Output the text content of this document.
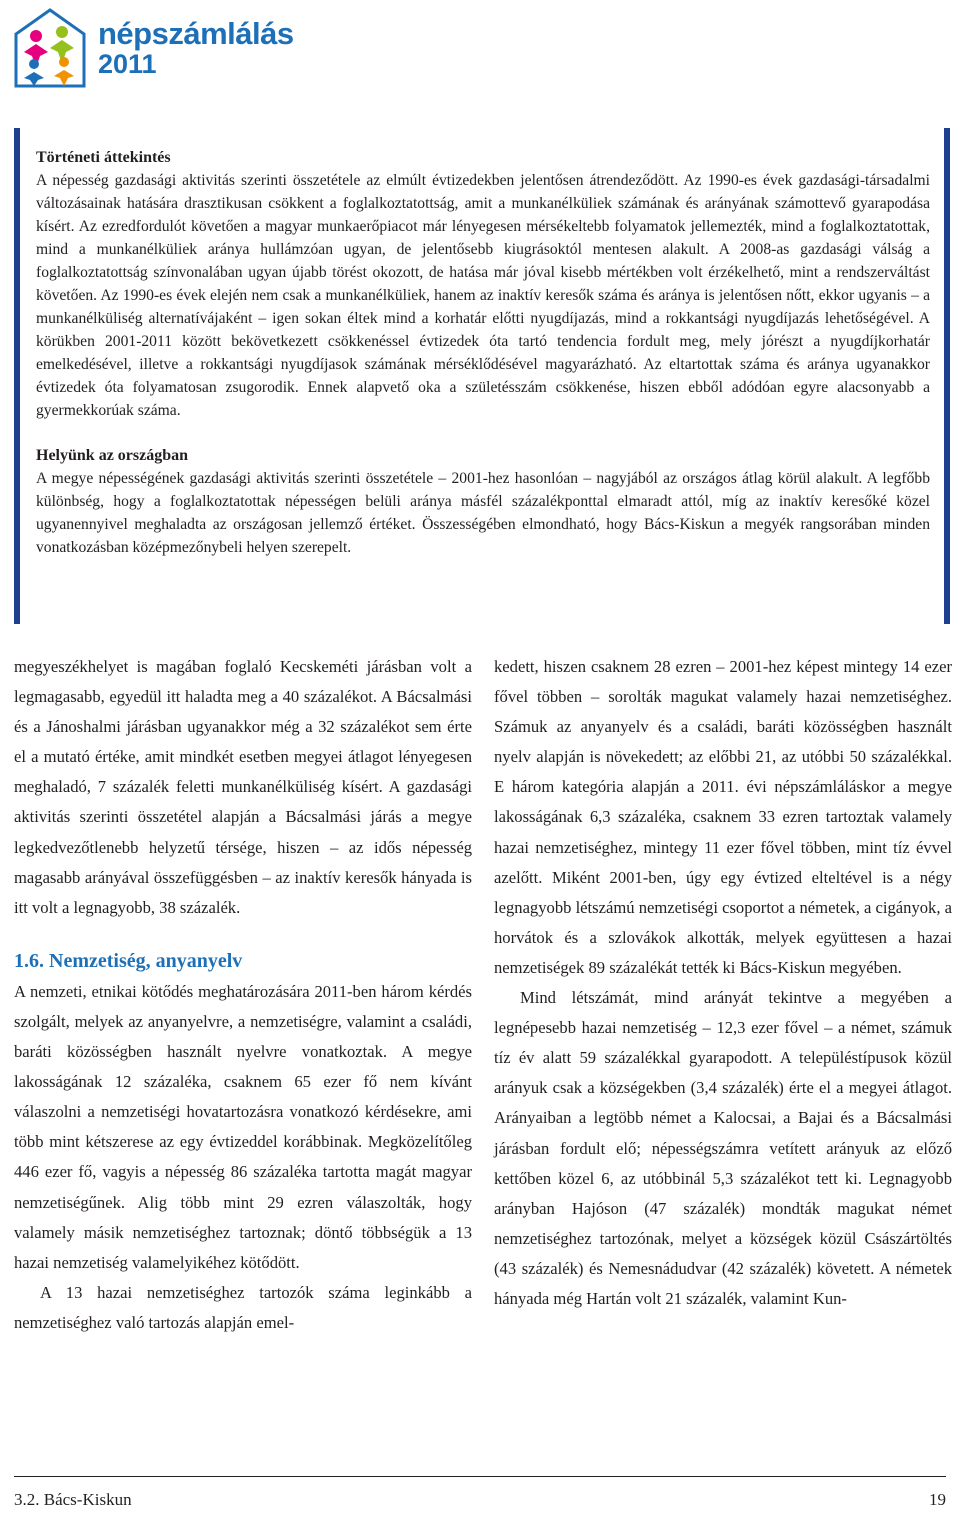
népszámlálás
2011
Történeti áttekintés

A népesség gazdasági aktivitás szerinti összetétele az elmúlt évtizedekben jelentősen átrendeződött. Az 1990-es évek gazdasági-társadalmi változásainak hatására drasztikusan csökkent a foglalkoztatottság, amit a munkanélküliek számának és arányának számottevő gyarapodása kísért. Az ezredfordulót követően a magyar munkaerőpiacot már lényegesen mérsékeltebb folyamatok jellemezték, mind a foglalkoztatottak, mind a munkanélküliek aránya hullámzóan ugyan, de jelentősebb kiugrásoktól mentesen alakult. A 2008-as gazdasági válság a foglalkoztatottság színvonalában ugyan újabb törést okozott, de hatása már jóval kisebb mértékben volt érzékelhető, mint a rendszerváltást követően. Az 1990-es évek elején nem csak a munkanélküliek, hanem az inaktív keresők száma és aránya is jelentősen nőtt, ekkor ugyanis – a munkanélküliség alternatívájaként – igen sokan éltek mind a korhatár előtti nyugdíjazás, mind a rokkantsági nyugdíjazás lehetőségével. A körükben 2001-2011 között bekövetkezett csökkenéssel évtizedek óta tartó tendencia fordult meg, mely jórészt a nyugdíjkorhatár emelkedésével, illetve a rokkantsági nyugdíjasok számának mérséklődésével magyarázható. Az eltartottak száma és aránya ugyanakkor évtizedek óta folyamatosan zsugorodik. Ennek alapvető oka a születésszám csökkenése, hiszen ebből adódóan egyre alacsonyabb a gyermekkorúak száma.

Helyünk az országban

A megye népességének gazdasági aktivitás szerinti összetétele – 2001-hez hasonlóan – nagyjából az országos átlag körül alakult. A legfőbb különbség, hogy a foglalkoztatottak népességen belüli aránya másfél százalékponttal elmaradt attól, míg az inaktív keresőké közel ugyanennyivel meghaladta az országosan jellemző értéket. Összességében elmondható, hogy Bács-Kiskun a megyék rangsorában minden vonatkozásban középmezőnybeli helyen szerepelt.

megyeszékhelyet is magában foglaló Kecskeméti járásban volt a legmagasabb, egyedül itt haladta meg a 40 százalékot. A Bácsalmási és a Jánoshalmi járásban ugyanakkor még a 32 százalékot sem érte el a mutató értéke, amit mindkét esetben megyei átlagot lényegesen meghaladó, 7 százalék feletti munkanélküliség kísért. A gazdasági aktivitás szerinti összetétel alapján a Bácsalmási járás a megye legkedvezőtlenebb helyzetű térsége, hiszen – az idős népesség magasabb arányával összefüggésben – az inaktív keresők hányada is itt volt a legnagyobb, 38 százalék.

1.6. Nemzetiség, anyanyelv

A nemzeti, etnikai kötődés meghatározására 2011-ben három kérdés szolgált, melyek az anyanyelvre, a nemzetiségre, valamint a családi, baráti közösségben használt nyelvre vonatkoztak. A megye lakosságának 12 százaléka, csaknem 65 ezer fő nem kívánt válaszolni a nemzetiségi hovatartozásra vonatkozó kérdésekre, ami több mint kétszerese az egy évtizeddel korábbinak. Megközelítőleg 446 ezer fő, vagyis a népesség 86 százaléka tartotta magát magyar nemzetiségűnek. Alig több mint 29 ezren válaszolták, hogy valamely másik nemzetiséghez tartoznak; döntő többségük a 13 hazai nemzetiség valamelyikéhez kötődött.

A 13 hazai nemzetiséghez tartozók száma leginkább a nemzetiséghez való tartozás alapján emel-

kedett, hiszen csaknem 28 ezren – 2001-hez képest mintegy 14 ezer fővel többen – sorolták magukat valamely hazai nemzetiséghez. Számuk az anyanyelv és a családi, baráti közösségben használt nyelv alapján is növekedett; az előbbi 21, az utóbbi 50 százalékkal. E három kategória alapján a 2011. évi népszámláláskor a megye lakosságának 6,3 százaléka, csaknem 33 ezren tartoztak valamely hazai nemzetiséghez, mintegy 11 ezer fővel többen, mint tíz évvel azelőtt. Miként 2001-ben, úgy egy évtized elteltével is a négy legnagyobb létszámú nemzetiségi csoportot a németek, a cigányok, a horvátok és a szlovákok alkották, melyek együttesen a hazai nemzetiségek 89 százalékát tették ki Bács-Kiskun megyében.

Mind létszámát, mind arányát tekintve a megyében a legnépesebb hazai nemzetiség – 12,3 ezer fővel – a német, számuk tíz év alatt 59 százalékkal gyarapodott. A településtípusok közül arányuk csak a községekben (3,4 százalék) érte el a megyei átlagot. Arányaiban a legtöbb német a Kalocsai, a Bajai és a Bácsalmási járásban fordult elő; népességszámra vetített arányuk az előző kettőben közel 6, az utóbbinál 5,3 százalékot tett ki. Legnagyobb arányban Hajóson (47 százalék) mondták magukat német nemzetiséghez tartozónak, melyet a községek közül Császártöltés (43 százalék) és Nemesnádudvar (42 százalék) követett. A németek hányada még Hartán volt 21 százalék, valamint Kun-

3.2. Bács-Kiskun	19
